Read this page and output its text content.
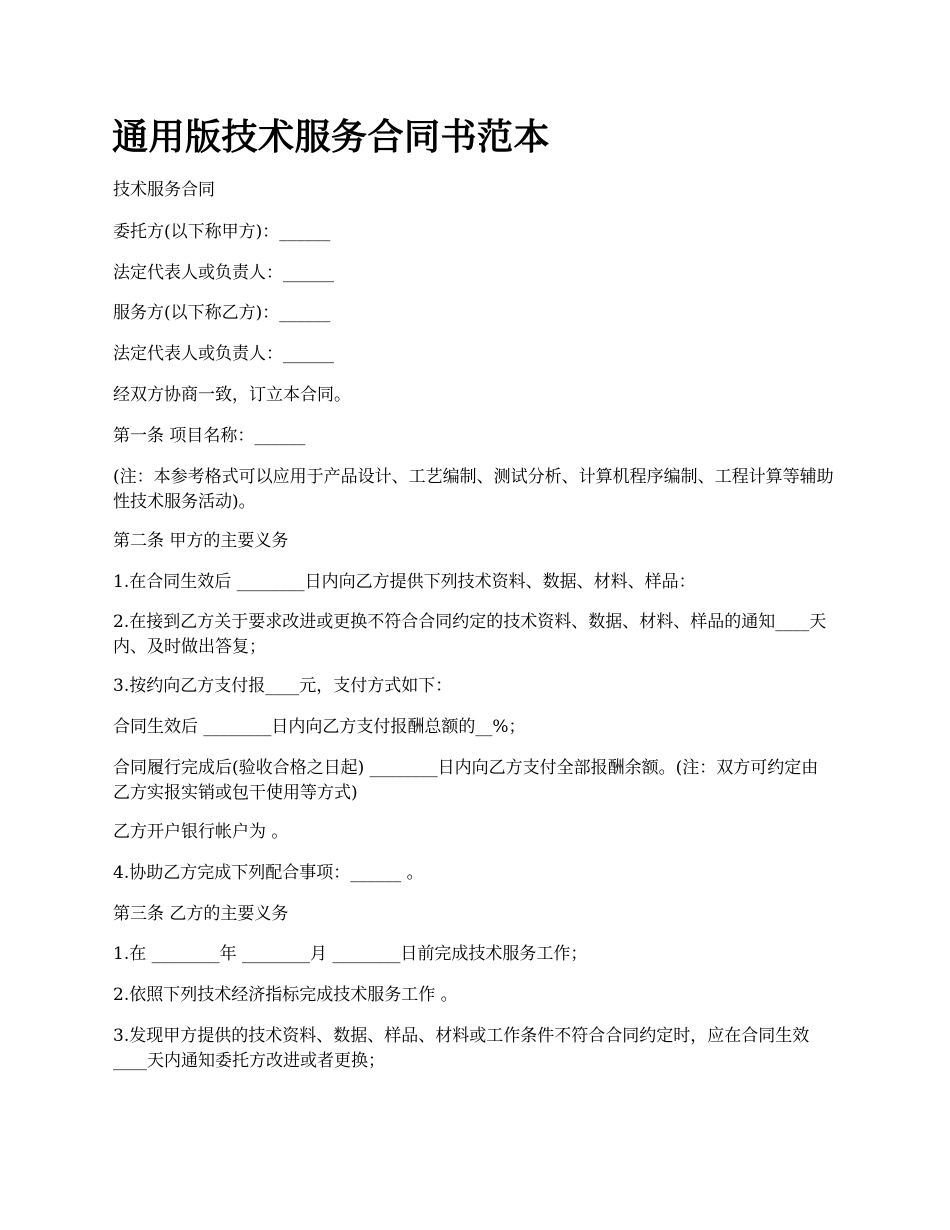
通用版技术服务合同书范本

技术服务合同

委托方(以下称甲方)：______

法定代表人或负责人：______

服务方(以下称乙方)：______

法定代表人或负责人：______

经双方协商一致，订立本合同。

第一条 项目名称：______

(注：本参考格式可以应用于产品设计、工艺编制、测试分析、计算机程序编制、工程计算等辅助性技术服务活动)。

第二条 甲方的主要义务

1.在合同生效后 ________日内向乙方提供下列技术资料、数据、材料、样品：

2.在接到乙方关于要求改进或更换不符合合同约定的技术资料、数据、材料、样品的通知____天内、及时做出答复；

3.按约向乙方支付报____元，支付方式如下：

合同生效后 ________日内向乙方支付报酬总额的__%；

合同履行完成后(验收合格之日起) ________日内向乙方支付全部报酬余额。(注：双方可约定由乙方实报实销或包干使用等方式)

乙方开户银行帐户为 。

4.协助乙方完成下列配合事项：______ 。

第三条 乙方的主要义务

1.在 ________年 ________月 ________日前完成技术服务工作；

2.依照下列技术经济指标完成技术服务工作 。

3.发现甲方提供的技术资料、数据、样品、材料或工作条件不符合合同约定时，应在合同生效____天内通知委托方改进或者更换；
